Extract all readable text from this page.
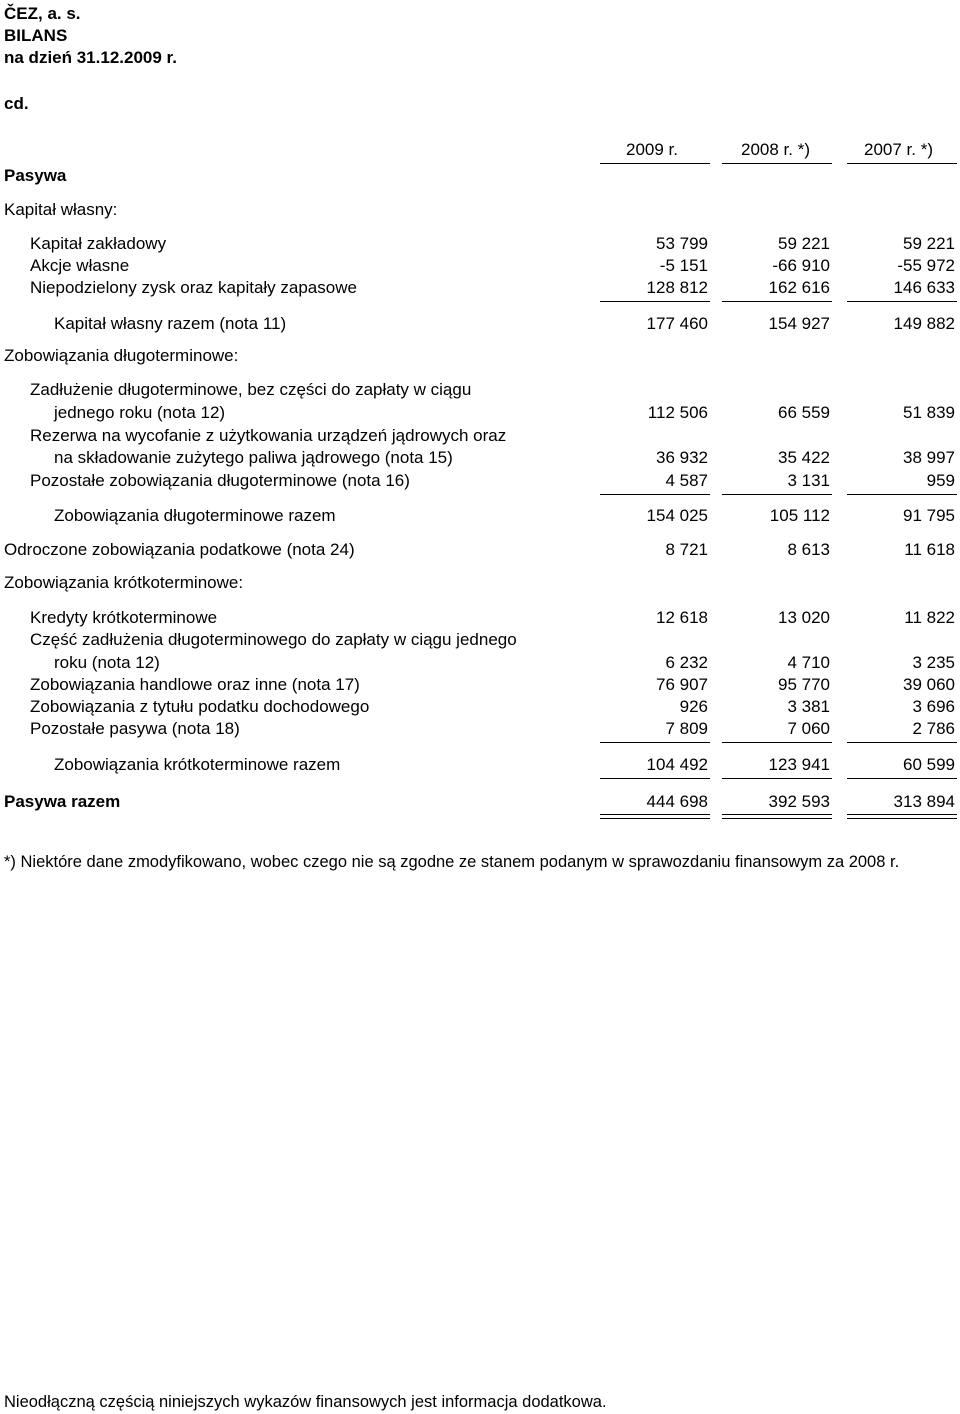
ČEZ, a. s.
BILANS
na dzień 31.12.2009 r.
cd.
2009 r.	2008 r. *)	2007 r. *)
Pasywa
Kapitał własny:
Kapitał zakładowy	53 799	59 221	59 221
Akcje własne	-5 151	-66 910	-55 972
Niepodzielony zysk oraz kapitały zapasowe	128 812	162 616	146 633
Kapitał własny razem (nota 11)	177 460	154 927	149 882
Zobowiązania długoterminowe:
Zadłużenie długoterminowe, bez części do zapłaty w ciągu
jednego roku (nota 12)	112 506	66 559	51 839
Rezerwa na wycofanie z użytkowania urządzeń jądrowych oraz
na składowanie zużytego paliwa jądrowego (nota 15)	36 932	35 422	38 997
Pozostałe zobowiązania długoterminowe (nota 16)	4 587	3 131	959
Zobowiązania długoterminowe razem	154 025	105 112	91 795
Odroczone zobowiązania podatkowe (nota 24)	8 721	8 613	11 618
Zobowiązania krótkoterminowe:
Kredyty krótkoterminowe	12 618	13 020	11 822
Część zadłużenia długoterminowego do zapłaty w ciągu jednego
roku (nota 12)	6 232	4 710	3 235
Zobowiązania handlowe oraz inne (nota 17)	76 907	95 770	39 060
Zobowiązania z tytułu podatku dochodowego	926	3 381	3 696
Pozostałe pasywa (nota 18)	7 809	7 060	2 786
Zobowiązania krótkoterminowe razem	104 492	123 941	60 599
Pasywa razem	444 698	392 593	313 894
*) Niektóre dane zmodyfikowano, wobec czego nie są zgodne ze stanem podanym w sprawozdaniu finansowym za 2008 r.
Nieodłączną częścią niniejszych wykazów finansowych jest informacja dodatkowa.
